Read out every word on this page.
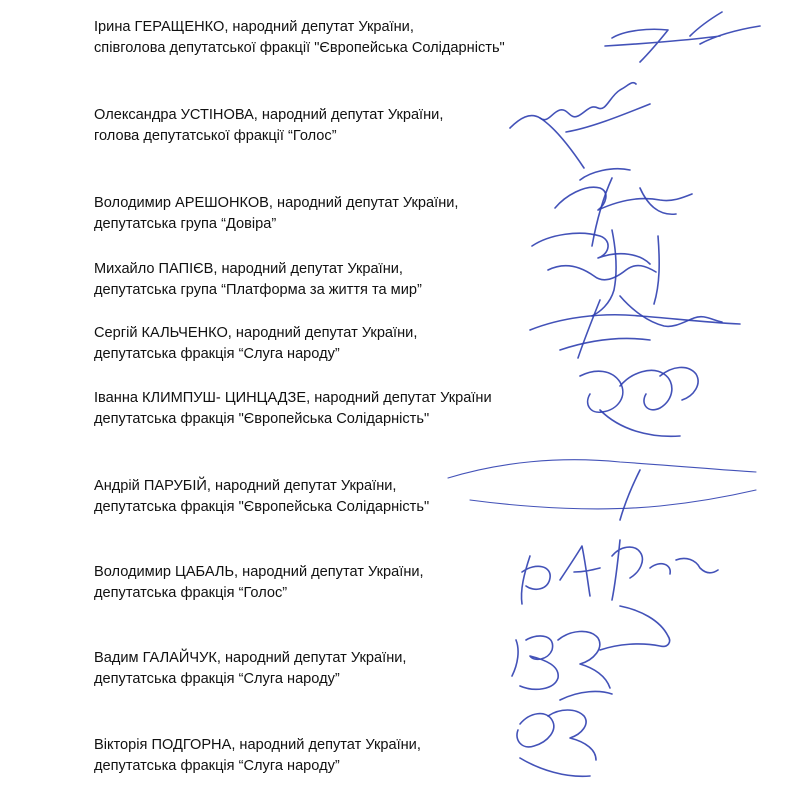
Ірина ГЕРАЩЕНКО, народний депутат України,
співголова депутатської фракції "Європейська Солідарність"
Олександра УСТІНОВА, народний депутат України,
голова депутатської фракції “Голос”
Володимир АРЕШОНКОВ, народний депутат України,
депутатська група “Довіра”
Михайло ПАПІЄВ, народний депутат України,
депутатська група “Платформа за життя та мир”
Сергій КАЛЬЧЕНКО, народний депутат України,
депутатська фракція “Слуга народу”
Іванна КЛИМПУШ- ЦИНЦАДЗЕ, народний депутат України
депутатська фракція "Європейська Солідарність"
Андрій ПАРУБІЙ, народний депутат України,
депутатська фракція "Європейська Солідарність"
Володимир ЦАБАЛЬ, народний депутат України,
депутатська фракція “Голос”
Вадим ГАЛАЙЧУК, народний депутат України,
депутатська фракція “Слуга народу”
Вікторія ПОДГОРНА, народний депутат України,
депутатська фракція “Слуга народу”
